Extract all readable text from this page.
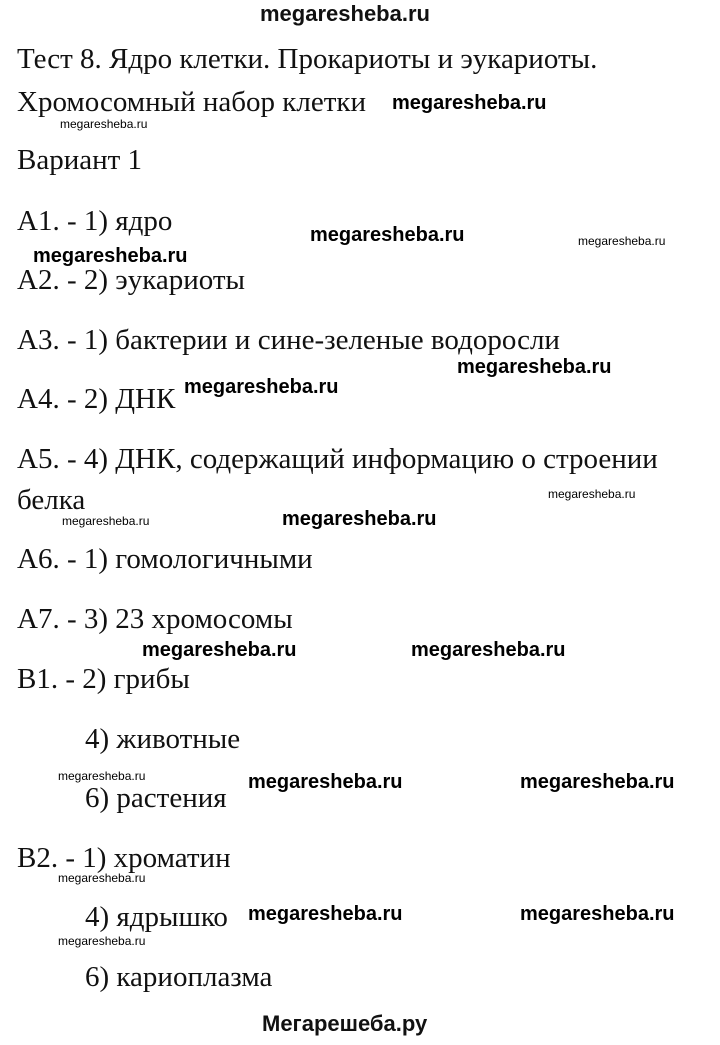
megaresheba.ru
Тест 8. Ядро клетки. Прокариоты и эукариоты.
Хромосомный набор клетки
Вариант 1
А1. - 1) ядро
А2. - 2) эукариоты
А3. - 1) бактерии и сине-зеленые водоросли
А4. - 2) ДНК
А5. - 4) ДНК, содержащий информацию о строении
белка
А6. - 1) гомологичными
А7. - 3) 23 хромосомы
В1. - 2) грибы
4) животные
6) растения
В2. - 1) хроматин
4) ядрышко
6) кариоплазма
megaresheba.ru
megaresheba.ru
megaresheba.ru	megaresheba.ru
megaresheba.ru
megaresheba.ru
megaresheba.ru
megaresheba.ru
megaresheba.ru
megaresheba.ru
megaresheba.ru	megaresheba.ru
megaresheba.ru	megaresheba.ru	megaresheba.ru
megaresheba.ru
megaresheba.ru	megaresheba.ru
megaresheba.ru
Мегарешеба.ру
